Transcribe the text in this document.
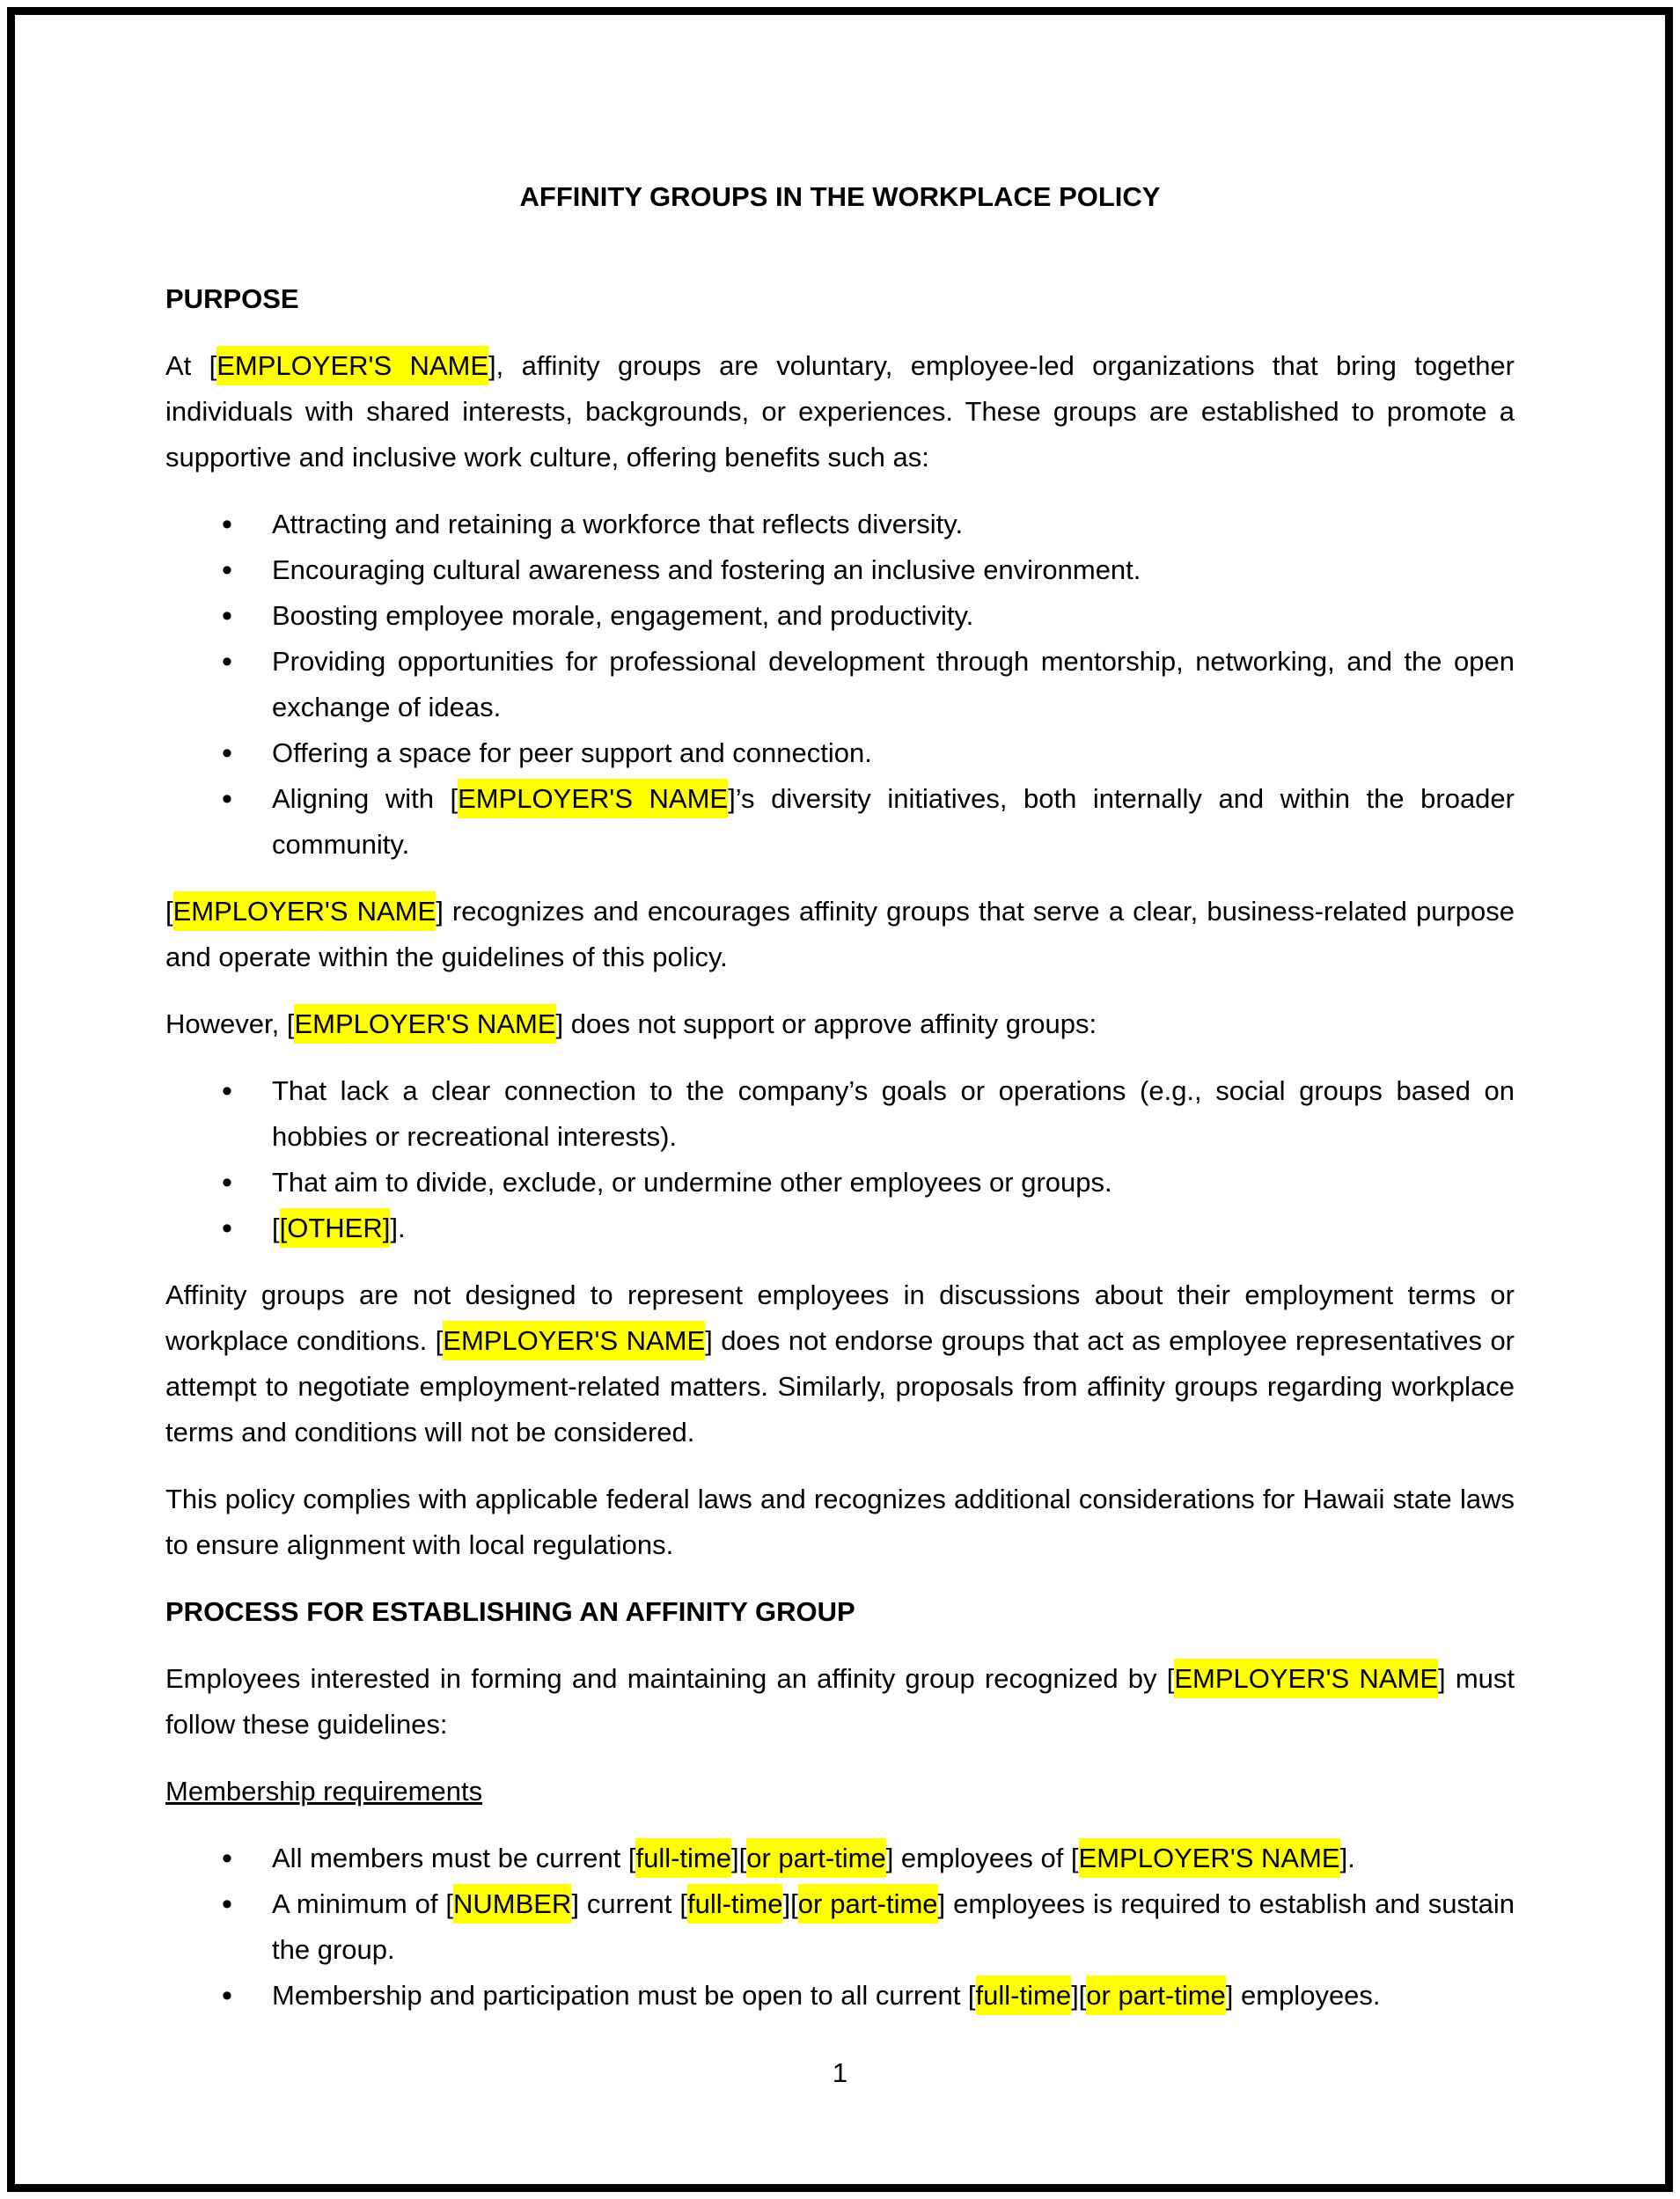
AFFINITY GROUPS IN THE WORKPLACE POLICY
PURPOSE

At [EMPLOYER'S NAME], affinity groups are voluntary, employee-led organizations that bring together individuals with shared interests, backgrounds, or experiences. These groups are established to promote a supportive and inclusive work culture, offering benefits such as:

• Attracting and retaining a workforce that reflects diversity.
• Encouraging cultural awareness and fostering an inclusive environment.
• Boosting employee morale, engagement, and productivity.
• Providing opportunities for professional development through mentorship, networking, and the open exchange of ideas.
• Offering a space for peer support and connection.
• Aligning with [EMPLOYER'S NAME]’s diversity initiatives, both internally and within the broader community.

[EMPLOYER'S NAME] recognizes and encourages affinity groups that serve a clear, business-related purpose and operate within the guidelines of this policy.

However, [EMPLOYER'S NAME] does not support or approve affinity groups:

• That lack a clear connection to the company’s goals or operations (e.g., social groups based on hobbies or recreational interests).
• That aim to divide, exclude, or undermine other employees or groups.
• [[OTHER]].

Affinity groups are not designed to represent employees in discussions about their employment terms or workplace conditions. [EMPLOYER'S NAME] does not endorse groups that act as employee representatives or attempt to negotiate employment-related matters. Similarly, proposals from affinity groups regarding workplace terms and conditions will not be considered.

This policy complies with applicable federal laws and recognizes additional considerations for Hawaii state laws to ensure alignment with local regulations.

PROCESS FOR ESTABLISHING AN AFFINITY GROUP

Employees interested in forming and maintaining an affinity group recognized by [EMPLOYER'S NAME] must follow these guidelines:

Membership requirements
• All members must be current [full-time][or part-time] employees of [EMPLOYER'S NAME].
• A minimum of [NUMBER] current [full-time][or part-time] employees is required to establish and sustain the group.
• Membership and participation must be open to all current [full-time][or part-time] employees.
1
